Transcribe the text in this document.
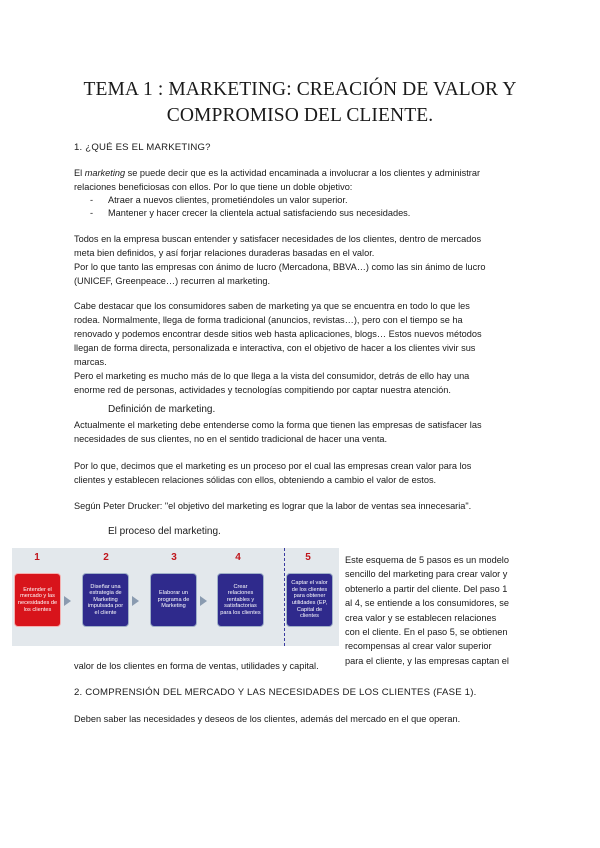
TEMA 1 : MARKETING: CREACIÓN DE VALOR Y
COMPROMISO DEL CLIENTE.
1. ¿QUÉ ES EL MARKETING?
El marketing se puede decir que es la actividad encaminada a involucrar a los clientes y administrar
relaciones beneficiosas con ellos. Por lo que tiene un doble objetivo:
- Atraer a nuevos clientes, prometiéndoles un valor superior.
- Mantener y hacer crecer la clientela actual satisfaciendo sus necesidades.
Todos en la empresa buscan entender y satisfacer necesidades de los clientes, dentro de mercados
meta bien definidos, y así forjar relaciones duraderas basadas en el valor.
Por lo que tanto las empresas con ánimo de lucro (Mercadona, BBVA…) como las sin ánimo de lucro
(UNICEF, Greenpeace…) recurren al marketing.
Cabe destacar que los consumidores saben de marketing ya que se encuentra en todo lo que les
rodea. Normalmente, llega de forma tradicional (anuncios, revistas…), pero con el tiempo se ha
renovado y podemos encontrar desde sitios web hasta aplicaciones, blogs… Estos nuevos métodos
llegan de forma directa, personalizada e interactiva, con el objetivo de hacer a los clientes vivir sus
marcas.
Pero el marketing es mucho más de lo que llega a la vista del consumidor, detrás de ello hay una
enorme red de personas, actividades y tecnologías compitiendo por captar nuestra atención.
Definición de marketing.
Actualmente el marketing debe entenderse como la forma que tienen las empresas de satisfacer las
necesidades de sus clientes, no en el sentido tradicional de hacer una venta.
Por lo que, decimos que el marketing es un proceso por el cual las empresas crean valor para los
clientes y establecen relaciones sólidas con ellos, obteniendo a cambio el valor de estos.
Según Peter Drucker: "el objetivo del marketing es lograr que la labor de ventas sea innecesaria".
El proceso del marketing.
1	2	3	4	5
Entender el mercado y las necesidades de los clientes
Diseñar una estrategia de Marketing impulsada por el cliente
Elaborar un programa de Marketing
Crear relaciones rentables y satisfactorias para los clientes
Captar el valor de los clientes para obtener utilidades (EP, Capital de clientes
Este esquema de 5 pasos es un modelo
sencillo del marketing para crear valor y
obtenerlo a partir del cliente. Del paso 1
al 4, se entiende a los consumidores, se
crea valor y se establecen relaciones
con el cliente. En el paso 5, se obtienen
recompensas al crear valor superior
para el cliente, y las empresas captan el
valor de los clientes en forma de ventas, utilidades y capital.
2. COMPRENSIÓN DEL MERCADO Y LAS NECESIDADES DE LOS CLIENTES (FASE 1).
Deben saber las necesidades y deseos de los clientes, además del mercado en el que operan.
